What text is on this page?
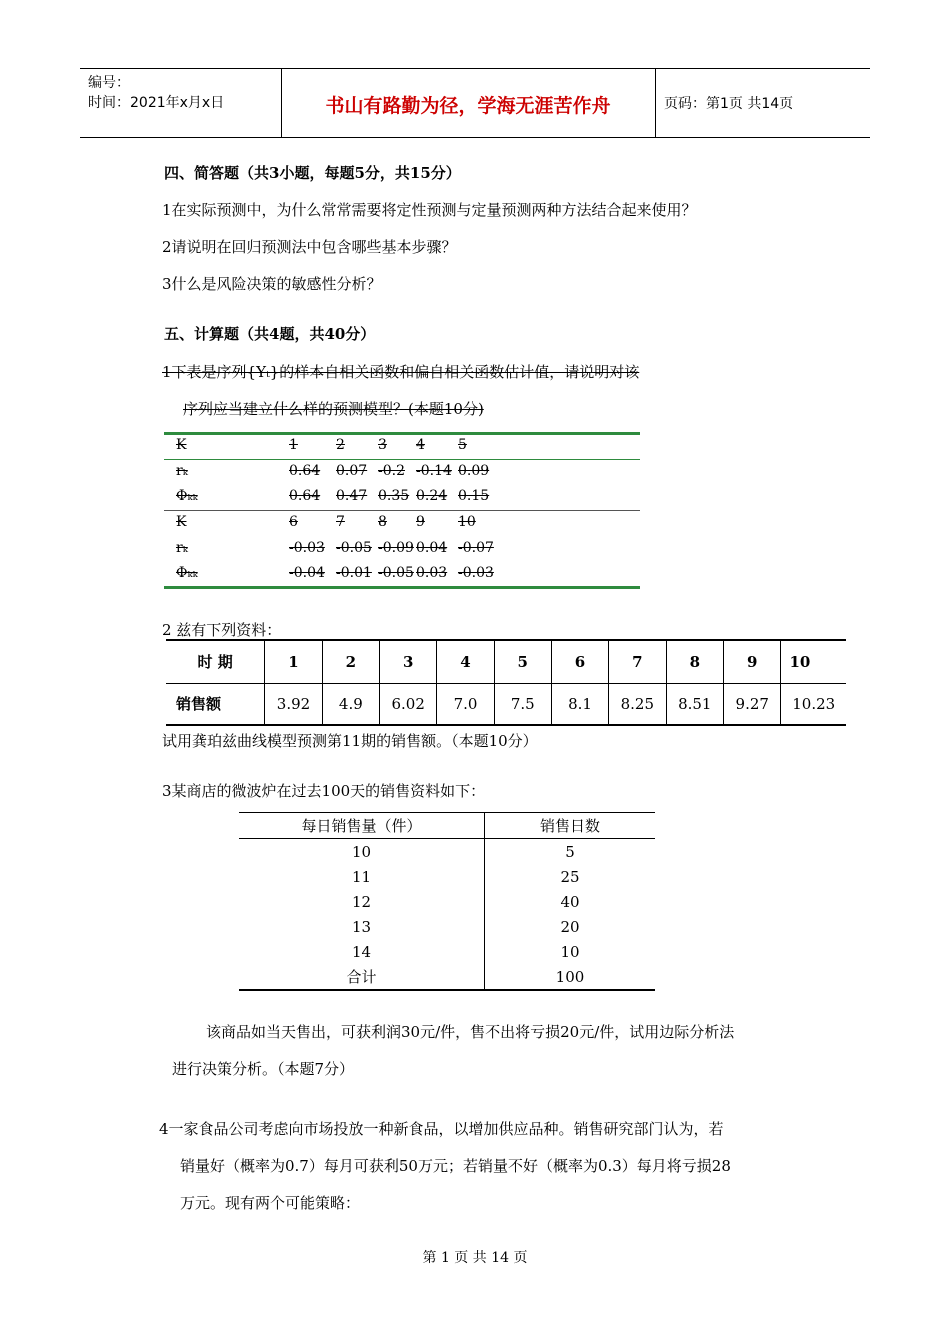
编号：
时间：2021年x月x日	书山有路勤为径，学海无涯苦作舟	页码：第1页 共14页
四、简答题（共3小题，每题5分，共15分）
1在实际预测中，为什么常常需要将定性预测与定量预测两种方法结合起来使用？
2请说明在回归预测法中包含哪些基本步骤？
3什么是风险决策的敏感性分析？
五、计算题（共4题，共40分）
1下表是序列{Yₜ}的样本自相关函数和偏自相关函数估计值，请说明对该
序列应当建立什么样的预测模型？(本题10分)
K	1	2 3 4 5
rₖ	0.64 0.07 -0.2 -0.14 0.09
Φₖₖ	0.64 0.47 0.35 0.24 0.15
K	6	7 8 9 10
rₖ	-0.03 -0.05 -0.09 0.04 -0.07
Φₖₖ	-0.04 -0.01 -0.05 0.03 -0.03
2 兹有下列资料：
时 期	1	2	3	4	5	6	7	8	9	10
销售额	3.92	4.9	6.02	7.0	7.5	8.1	8.25	8.51	9.27	10.23
试用龚珀兹曲线模型预测第11期的销售额。（本题10分）
3某商店的微波炉在过去100天的销售资料如下：
每日销售量（件）	销售日数
10	5
11	25
12	40
13	20
14	10
合计	100
该商品如当天售出，可获利润30元/件，售不出将亏损20元/件，试用边际分析法
进行决策分析。（本题7分）
4一家食品公司考虑向市场投放一种新食品，以增加供应品种。销售研究部门认为，若
销量好（概率为0.7）每月可获利50万元；若销量不好（概率为0.3）每月将亏损28
万元。现有两个可能策略：
第 1 页 共 14 页
